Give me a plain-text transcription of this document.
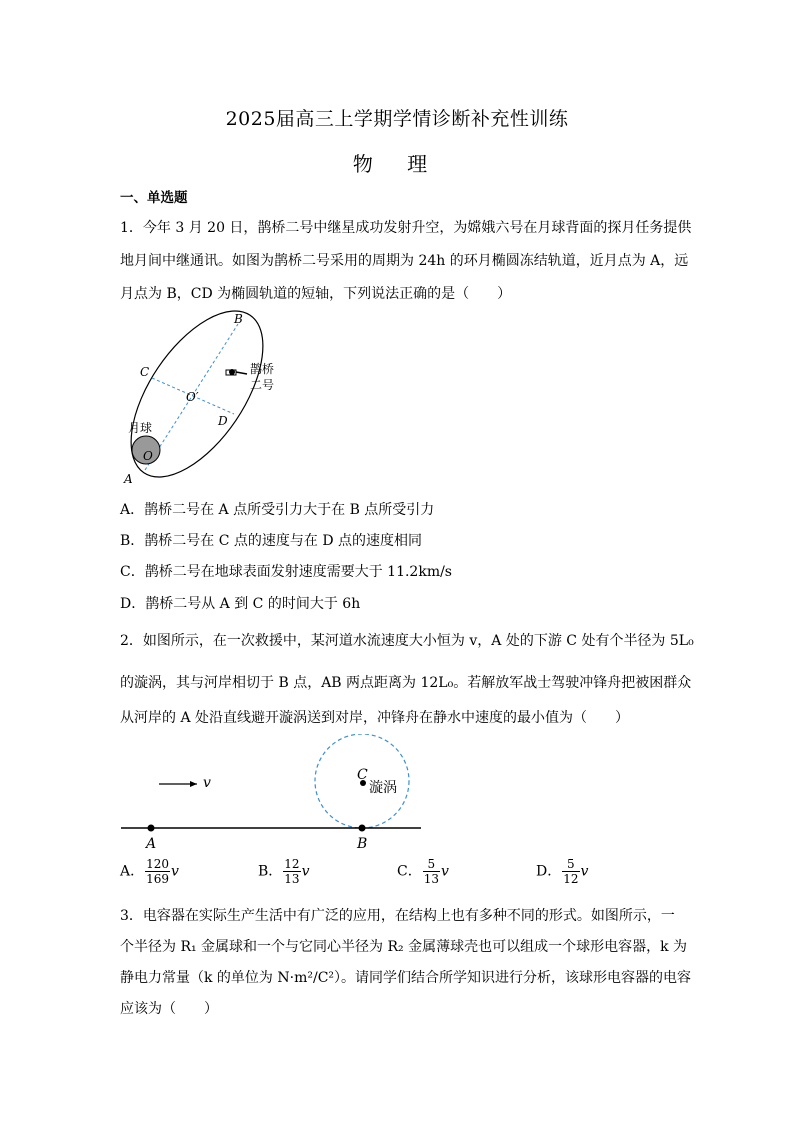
2025届高三上学期学情诊断补充性训练
物 理
一、单选题
1．今年 3 月 20 日，鹊桥二号中继星成功发射升空，为嫦娥六号在月球背面的探月任务提供
地月间中继通讯。如图为鹊桥二号采用的周期为 24h 的环月椭圆冻结轨道，近月点为 A，远
月点为 B，CD 为椭圆轨道的短轴，下列说法正确的是（　　）
B
C
D
O′
O
月球
A
鹊桥
二号
A．鹊桥二号在 A 点所受引力大于在 B 点所受引力
B．鹊桥二号在 C 点的速度与在 D 点的速度相同
C．鹊桥二号在地球表面发射速度需要大于 11.2km/s
D．鹊桥二号从 A 到 C 的时间大于 6h
2．如图所示，在一次救援中，某河道水流速度大小恒为 v，A 处的下游 C 处有个半径为 5L₀
的漩涡，其与河岸相切于 B 点，AB 两点距离为 12L₀。若解放军战士驾驶冲锋舟把被困群众
从河岸的 A 处沿直线避开漩涡送到对岸，冲锋舟在静水中速度的最小值为（　　）
v	C
漩涡
A	B
A． $\frac{120}{169}$ v	B． $\frac{12}{13}$ v	C． $\frac{5}{13}$ v	D． $\frac{5}{12}$ v
3．电容器在实际生产生活中有广泛的应用，在结构上也有多种不同的形式。如图所示，一
个半径为 R₁ 金属球和一个与它同心半径为 R₂ 金属薄球壳也可以组成一个球形电容器，k 为
静电力常量（k 的单位为 N·m²/C²）。请同学们结合所学知识进行分析，该球形电容器的电容
应该为（　　）
